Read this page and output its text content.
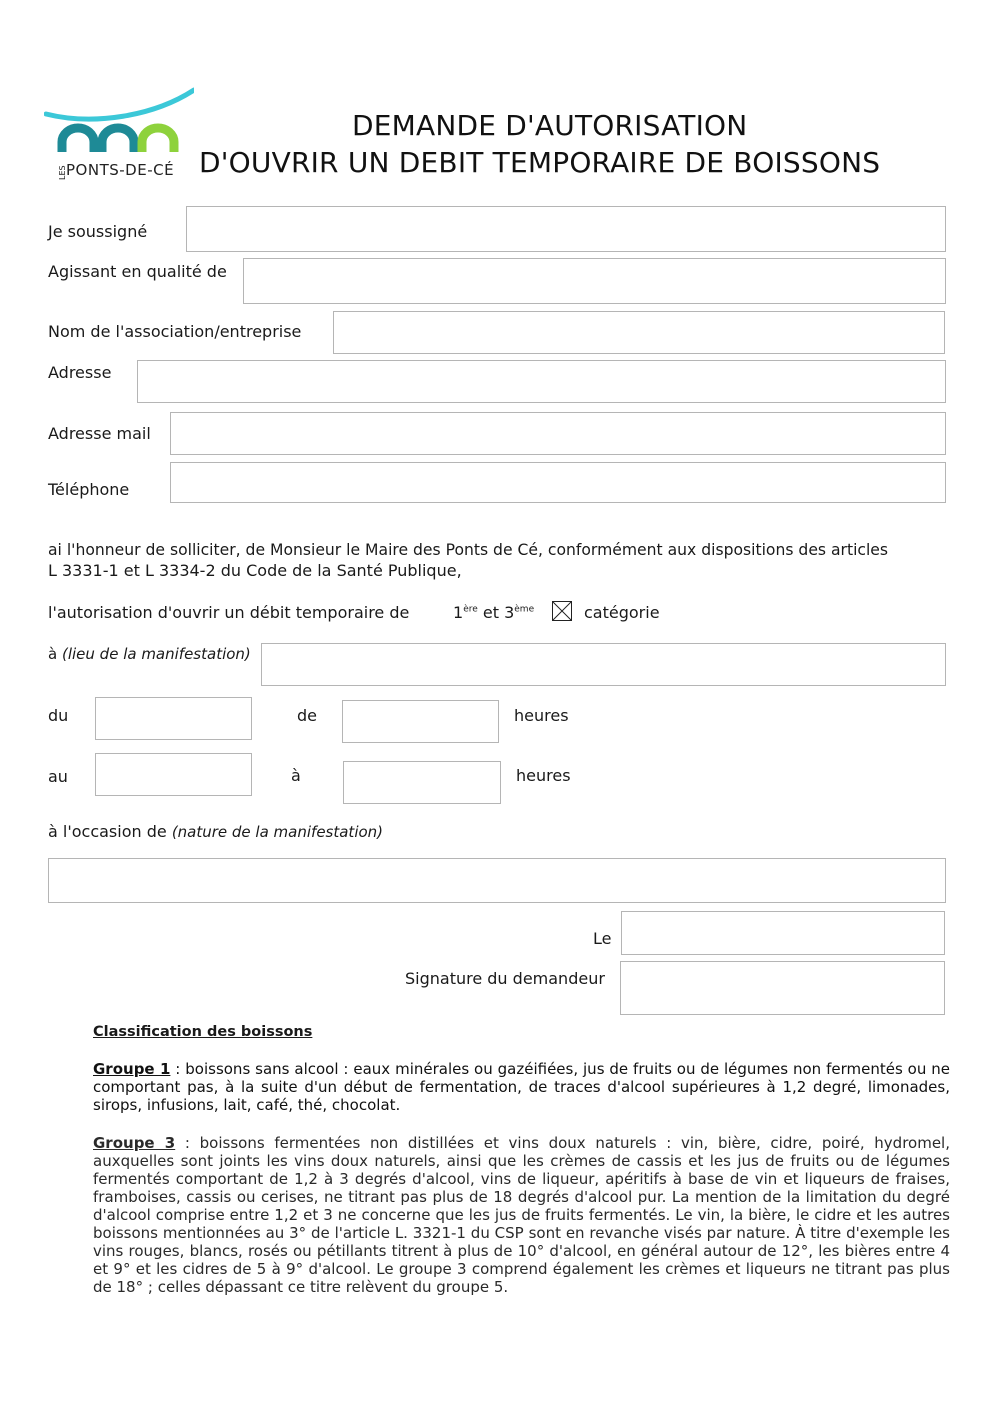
LES PONTS-DE-CÉ
DEMANDE D'AUTORISATION
D'OUVRIR UN DEBIT TEMPORAIRE DE BOISSONS
Je soussigné
Agissant en qualité de
Nom de l'association/entreprise
Adresse
Adresse mail
Téléphone
ai l'honneur de solliciter, de Monsieur le Maire des Ponts de Cé, conformément aux dispositions des articles
L 3331-1 et L 3334-2 du Code de la Santé Publique,
l'autorisation d'ouvrir un débit temporaire de	1ère et 3ème	catégorie
à (lieu de la manifestation)
du	de	heures
au	à	heures
à l'occasion de (nature de la manifestation)
Le
Signature du demandeur
Classification des boissons
Groupe 1 : boissons sans alcool : eaux minérales ou gazéifiées, jus de fruits ou de légumes non fermentés ou ne comportant pas, à la suite d'un début de fermentation, de traces d'alcool supérieures à 1,2 degré, limonades, sirops, infusions, lait, café, thé, chocolat.
Groupe 3 : boissons fermentées non distillées et vins doux naturels : vin, bière, cidre, poiré, hydromel, auxquelles sont joints les vins doux naturels, ainsi que les crèmes de cassis et les jus de fruits ou de légumes fermentés comportant de 1,2 à 3 degrés d'alcool, vins de liqueur, apéritifs à base de vin et liqueurs de fraises, framboises, cassis ou cerises, ne titrant pas plus de 18 degrés d'alcool pur. La mention de la limitation du degré d'alcool comprise entre 1,2 et 3 ne concerne que les jus de fruits fermentés. Le vin, la bière, le cidre et les autres boissons mentionnées au 3° de l'article L. 3321-1 du CSP sont en revanche visés par nature. À titre d'exemple les vins rouges, blancs, rosés ou pétillants titrent à plus de 10° d'alcool, en général autour de 12°, les bières entre 4 et 9° et les cidres de 5 à 9° d'alcool. Le groupe 3 comprend également les crèmes et liqueurs ne titrant pas plus de 18° ; celles dépassant ce titre relèvent du groupe 5.
